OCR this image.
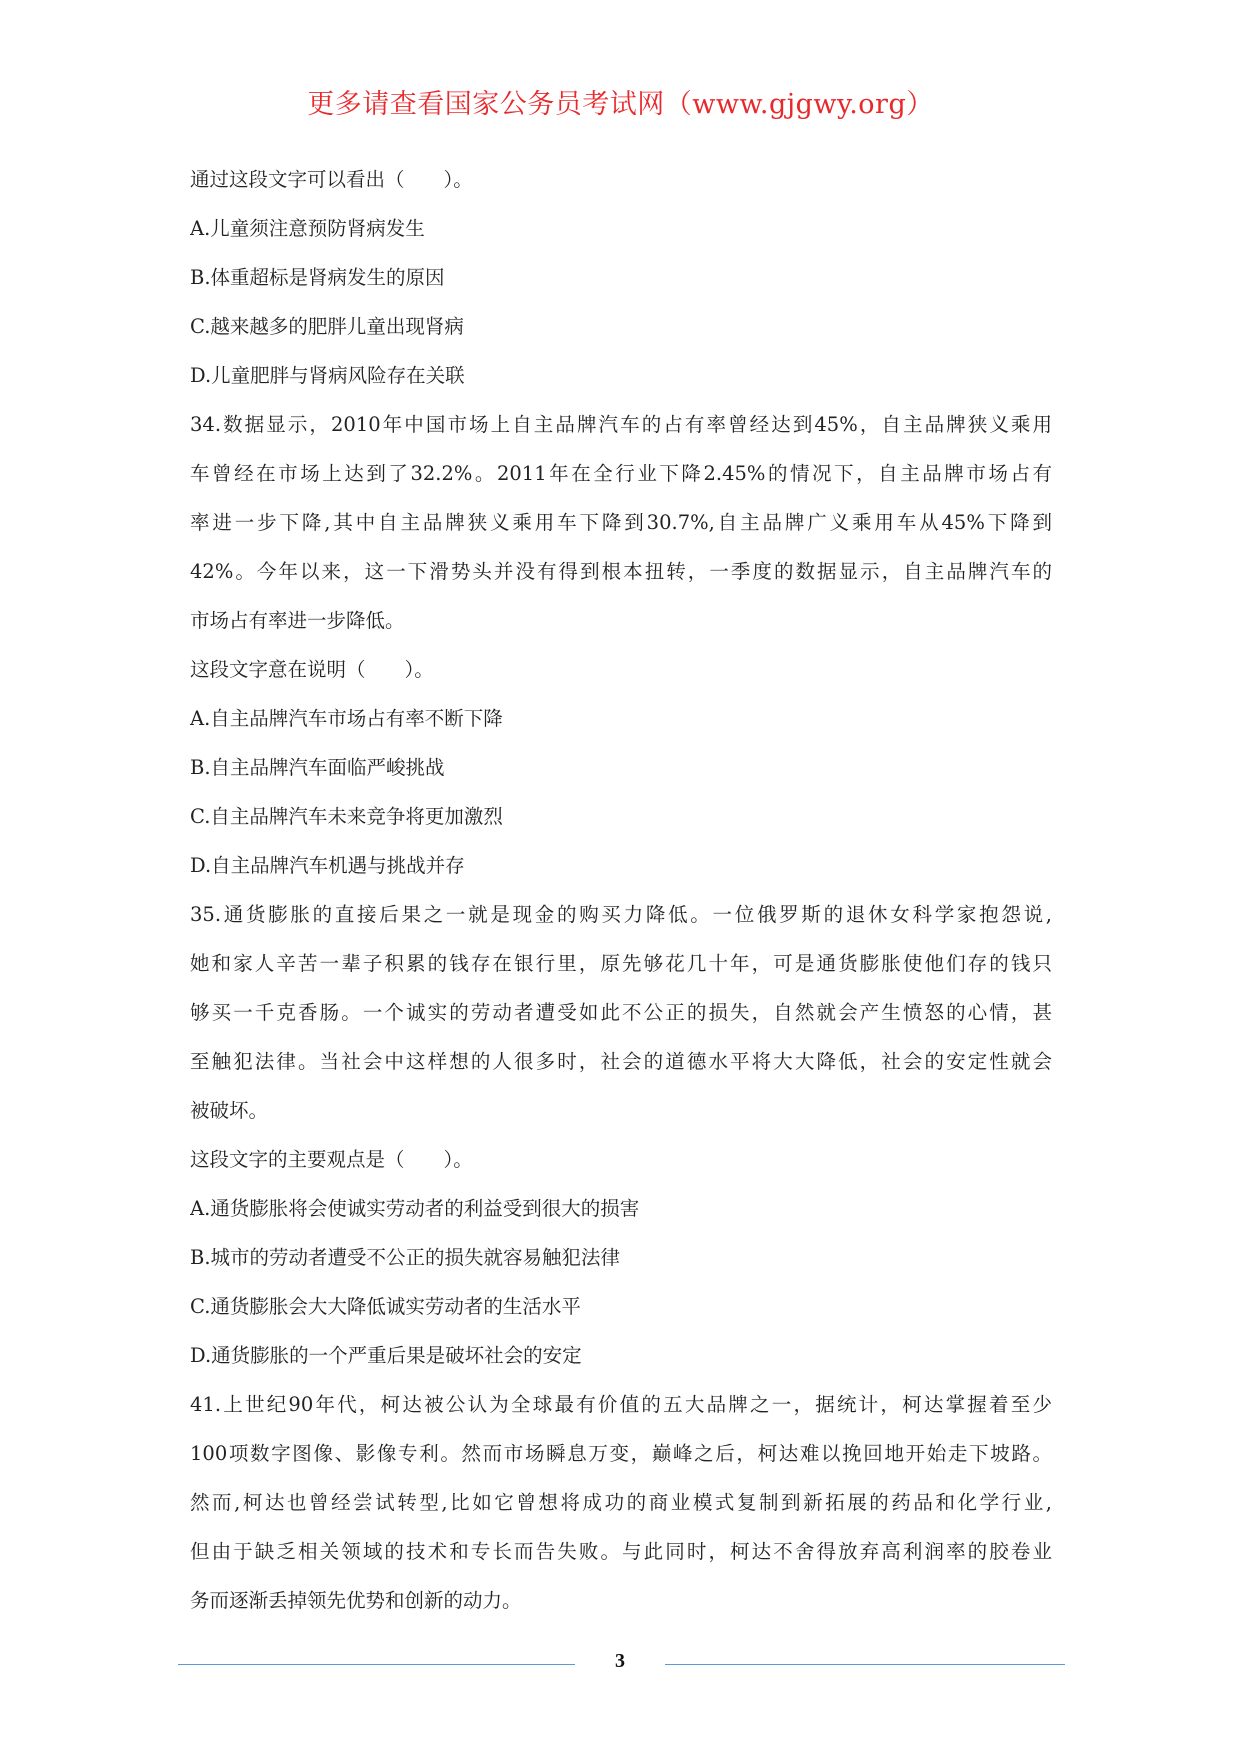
更多请查看国家公务员考试网（www.gjgwy.org）
通过这段文字可以看出（　　）。
A.儿童须注意预防肾病发生
B.体重超标是肾病发生的原因
C.越来越多的肥胖儿童出现肾病
D.儿童肥胖与肾病风险存在关联
34.数据显示，2010年中国市场上自主品牌汽车的占有率曾经达到45%，自主品牌狭义乘用
车曾经在市场上达到了32.2%。2011年在全行业下降2.45%的情况下，自主品牌市场占有
率进一步下降,其中自主品牌狭义乘用车下降到30.7%,自主品牌广义乘用车从45%下降到
42%。今年以来，这一下滑势头并没有得到根本扭转，一季度的数据显示，自主品牌汽车的
市场占有率进一步降低。
这段文字意在说明（　　）。
A.自主品牌汽车市场占有率不断下降
B.自主品牌汽车面临严峻挑战
C.自主品牌汽车未来竞争将更加激烈
D.自主品牌汽车机遇与挑战并存
35.通货膨胀的直接后果之一就是现金的购买力降低。一位俄罗斯的退休女科学家抱怨说,
她和家人辛苦一辈子积累的钱存在银行里，原先够花几十年，可是通货膨胀使他们存的钱只
够买一千克香肠。一个诚实的劳动者遭受如此不公正的损失，自然就会产生愤怒的心情，甚
至触犯法律。当社会中这样想的人很多时，社会的道德水平将大大降低，社会的安定性就会
被破坏。
这段文字的主要观点是（　　）。
A.通货膨胀将会使诚实劳动者的利益受到很大的损害
B.城市的劳动者遭受不公正的损失就容易触犯法律
C.通货膨胀会大大降低诚实劳动者的生活水平
D.通货膨胀的一个严重后果是破坏社会的安定
41.上世纪90年代，柯达被公认为全球最有价值的五大品牌之一，据统计，柯达掌握着至少
100项数字图像、影像专利。然而市场瞬息万变，巅峰之后，柯达难以挽回地开始走下坡路。
然而,柯达也曾经尝试转型,比如它曾想将成功的商业模式复制到新拓展的药品和化学行业,
但由于缺乏相关领域的技术和专长而告失败。与此同时，柯达不舍得放弃高利润率的胶卷业
务而逐渐丢掉领先优势和创新的动力。
3
